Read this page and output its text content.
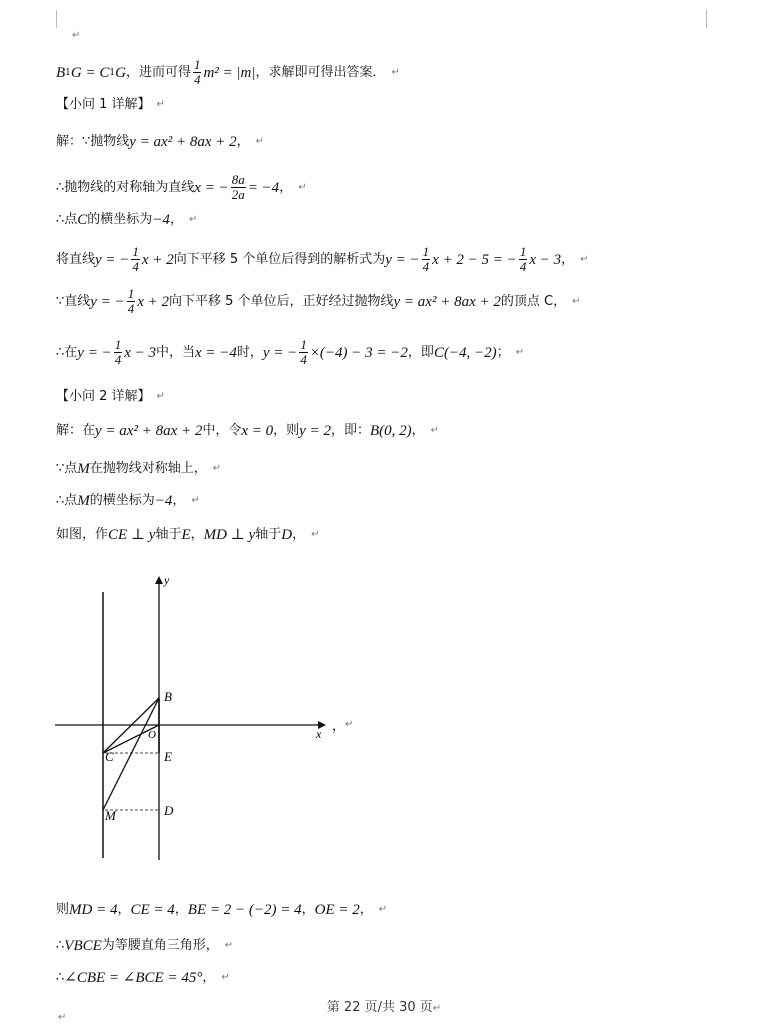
↵
B 1 G = C 1 G ，进而可得 $\frac{1}{4} m^2 = |m|$ ，求解即可得出答案． ↵
【小问 1 详解】 ↵
解：∵抛物线 y = ax² + 8ax + 2 ， ↵
∴抛物线的对称轴为直线 x = − $\frac{8a}{2a} = -4$ ， ↵
∴点 C 的横坐标为 −4 ， ↵
将直线 y = − $\frac{1}{4}$ x + 2 向下平移 5 个单位后得到的解析式为 y = − $\frac{1}{4}$ x + 2 − 5 = − $\frac{1}{4}$ x − 3 ， ↵
∵直线 y = − $\frac{1}{4}$ x + 2 向下平移 5 个单位后，正好经过抛物线 y = ax² + 8ax + 2 的顶点 C， ↵
∴在 y = − $\frac{1}{4}$ x − 3 中，当 x = −4 时， y = − $\frac{1}{4} \times(-4) - 3 = -2$ ，即 C(−4, −2) ； ↵
【小问 2 详解】 ↵
解：在 y = ax² + 8ax + 2 中，令 x = 0 ，则 y = 2 ，即： B(0, 2) ， ↵
∵点 M 在抛物线对称轴上， ↵
∴点 M 的横坐标为 −4 ， ↵
如图，作 CE ⊥ y 轴于 E ， MD ⊥ y 轴于 D ， ↵
y
x
B
O
C	E
M	D
， ↵
则 MD = 4 ， CE = 4 ， BE = 2 − (−2) = 4 ， OE = 2 ， ↵
∴ VBCE 为等腰直角三角形， ↵
∴ ∠CBE = ∠BCE = 45° ， ↵
第 22 页/共 30 页↵
↵
